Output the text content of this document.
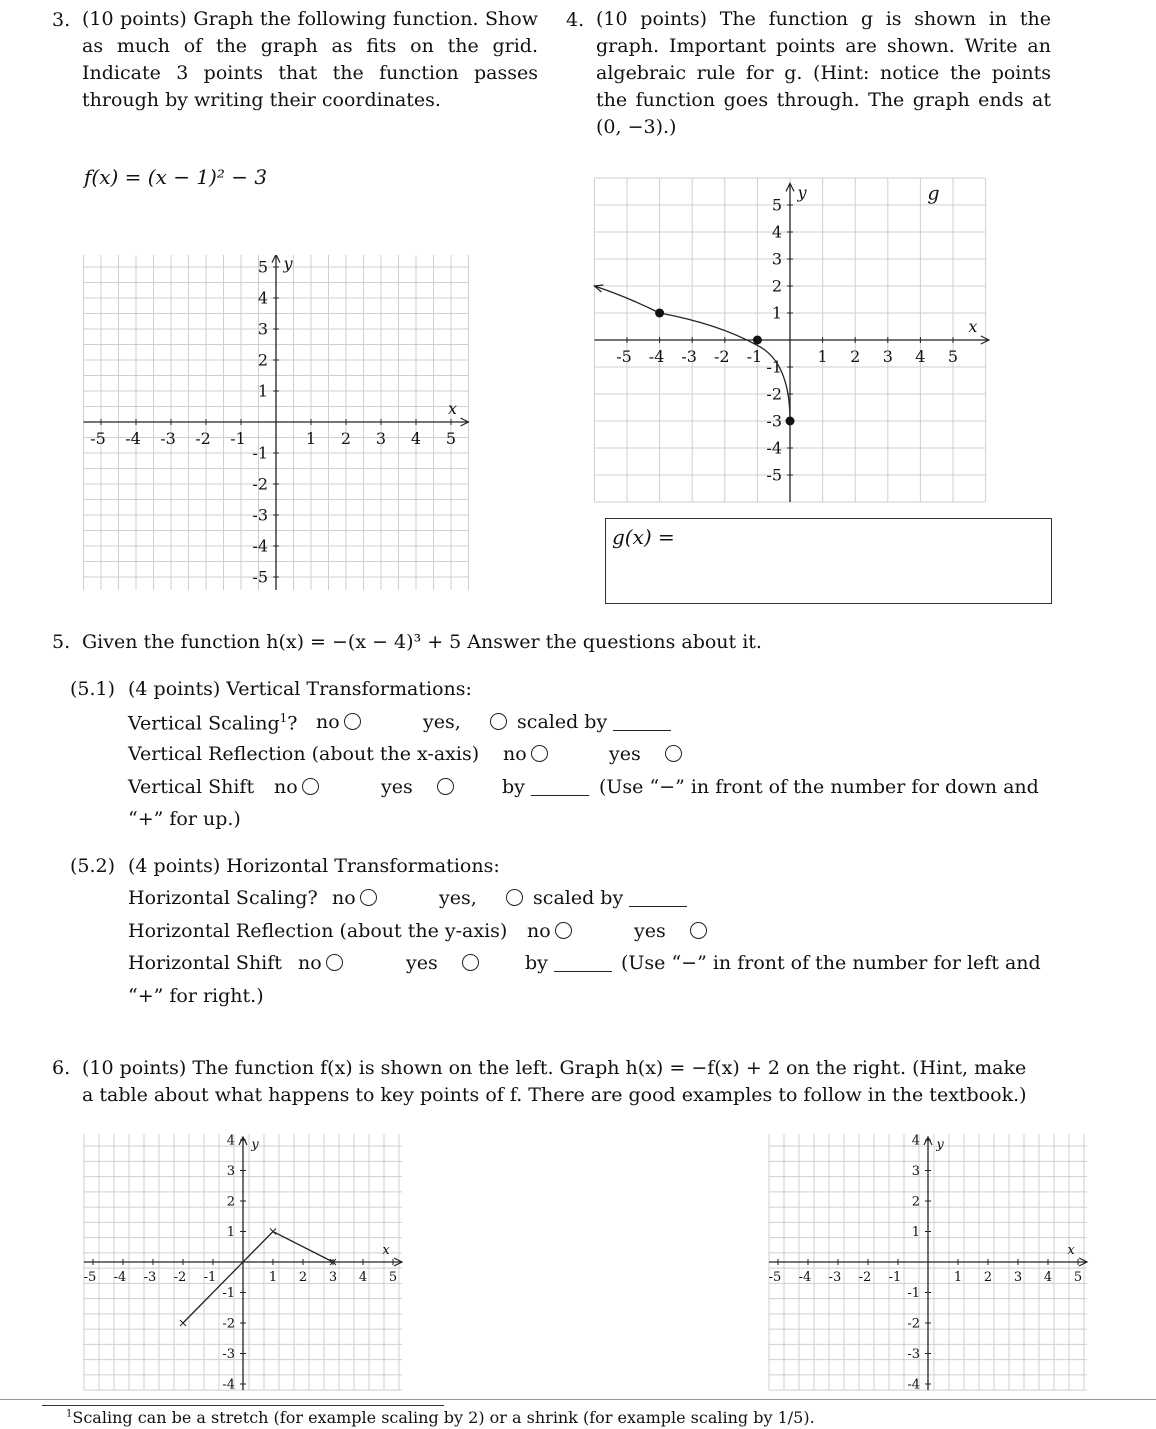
3. (10 points) Graph the following function. Show as much of the graph as fits on the grid. Indicate 3 points that the function passes through by writing their coordinates.
f(x) = (x − 1)² − 3
-5 -4 -3 -2 -1	1 2 3 4 5
5
4
3
2
1
-1
-2
-3
-4
-5
y
x
4. (10 points) The function g is shown in the graph. Important points are shown. Write an algebraic rule for g. (Hint: notice the points the function goes through. The graph ends at (0, −3).)
-5 -4 -3 -2 -1	1 2 3 4 5
5
4
3
2
1
-1
-2
-3
-4
-5
y
x
g
g(x) =
5. Given the function h(x) = −(x − 4)³ + 5 Answer the questions about it.
(5.1) (4 points) Vertical Transformations:
Vertical Scaling$^1$? no	yes,	scaled by
Vertical Reflection (about the x-axis) no	yes
Vertical Shift no	yes	by	(Use “−” in front of the number for down and
“+” for up.)
(5.2) (4 points) Horizontal Transformations:
Horizontal Scaling? no	yes,	scaled by
Horizontal Reflection (about the y-axis) no	yes
Horizontal Shift no	yes	by	(Use “−” in front of the number for left and
“+” for right.)
6. (10 points) The function f(x) is shown on the left. Graph h(x) = −f(x) + 2 on the right. (Hint, make
a table about what happens to key points of f. There are good examples to follow in the textbook.)
-5 -4 -3 -2 -1	1 2 3 4 5
4
3
2
1
-1
-2
-3
-4
y
x
-5 -4 -3 -2 -1	1 2 3 4 5
4
3
2
1
-1
-2
-3
-4
y
x
$^1$Scaling can be a stretch (for example scaling by 2) or a shrink (for example scaling by 1/5).
